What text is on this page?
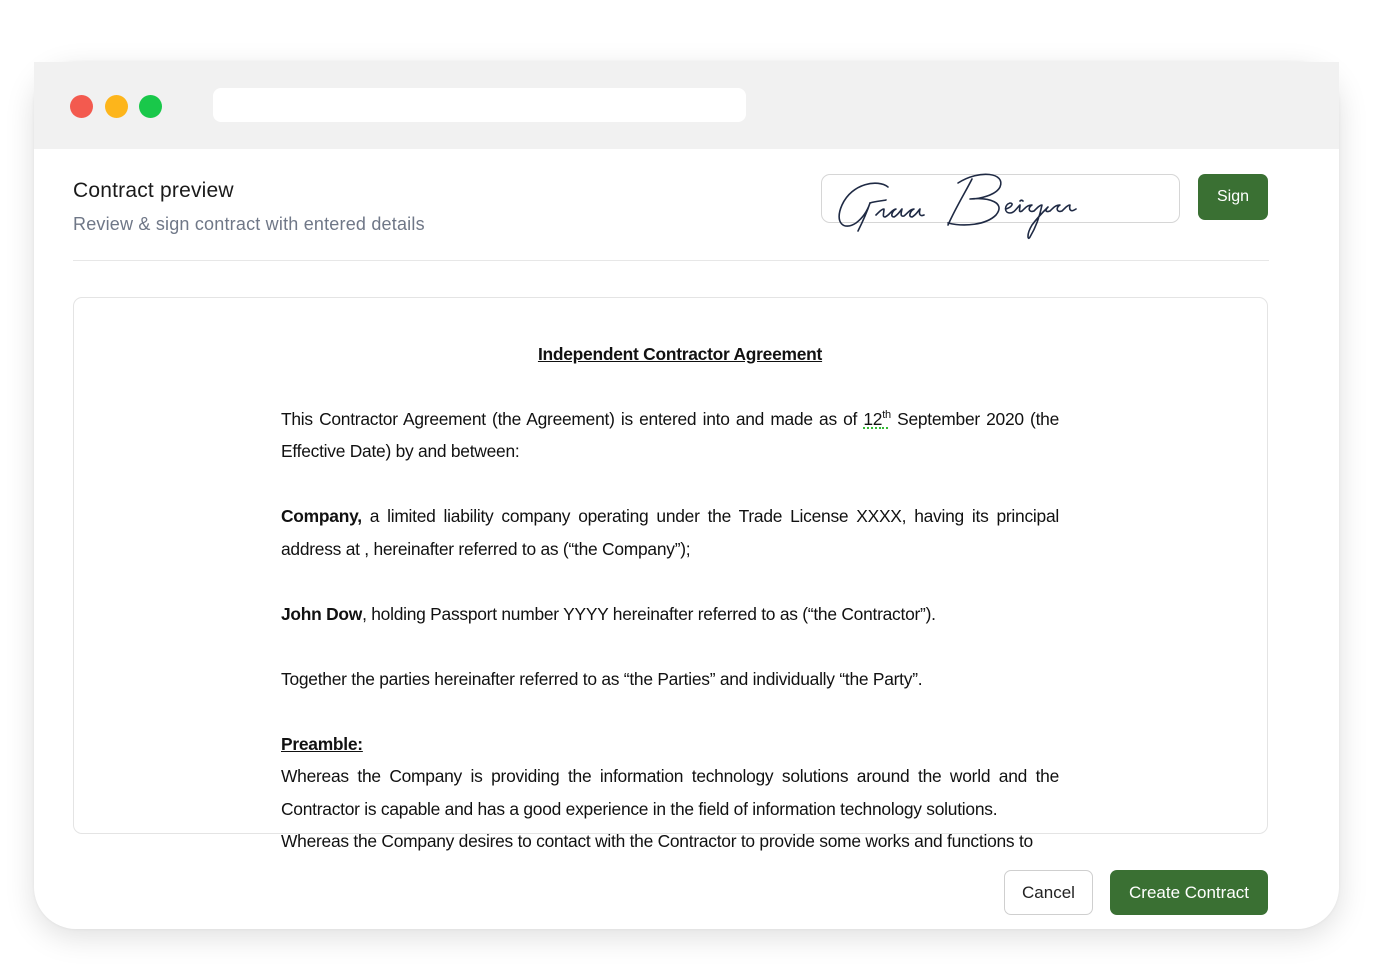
Contract preview
Review & sign contract with entered details
Sign
Independent Contractor Agreement

This Contractor Agreement (the Agreement) is entered into and made as of 12th September 2020 (the Effective Date) by and between:

Company, a limited liability company operating under the Trade License XXXX, having its principal address at , hereinafter referred to as (“the Company”);

John Dow, holding Passport number YYYY hereinafter referred to as (“the Contractor”).

Together the parties hereinafter referred to as “the Parties” and individually “the Party”.

Preamble:

Whereas the Company is providing the information technology solutions around the world and the Contractor is capable and has a good experience in the field of information technology solutions.

Whereas the Company desires to contact with the Contractor to provide some works and functions to

Cancel	Create Contract
